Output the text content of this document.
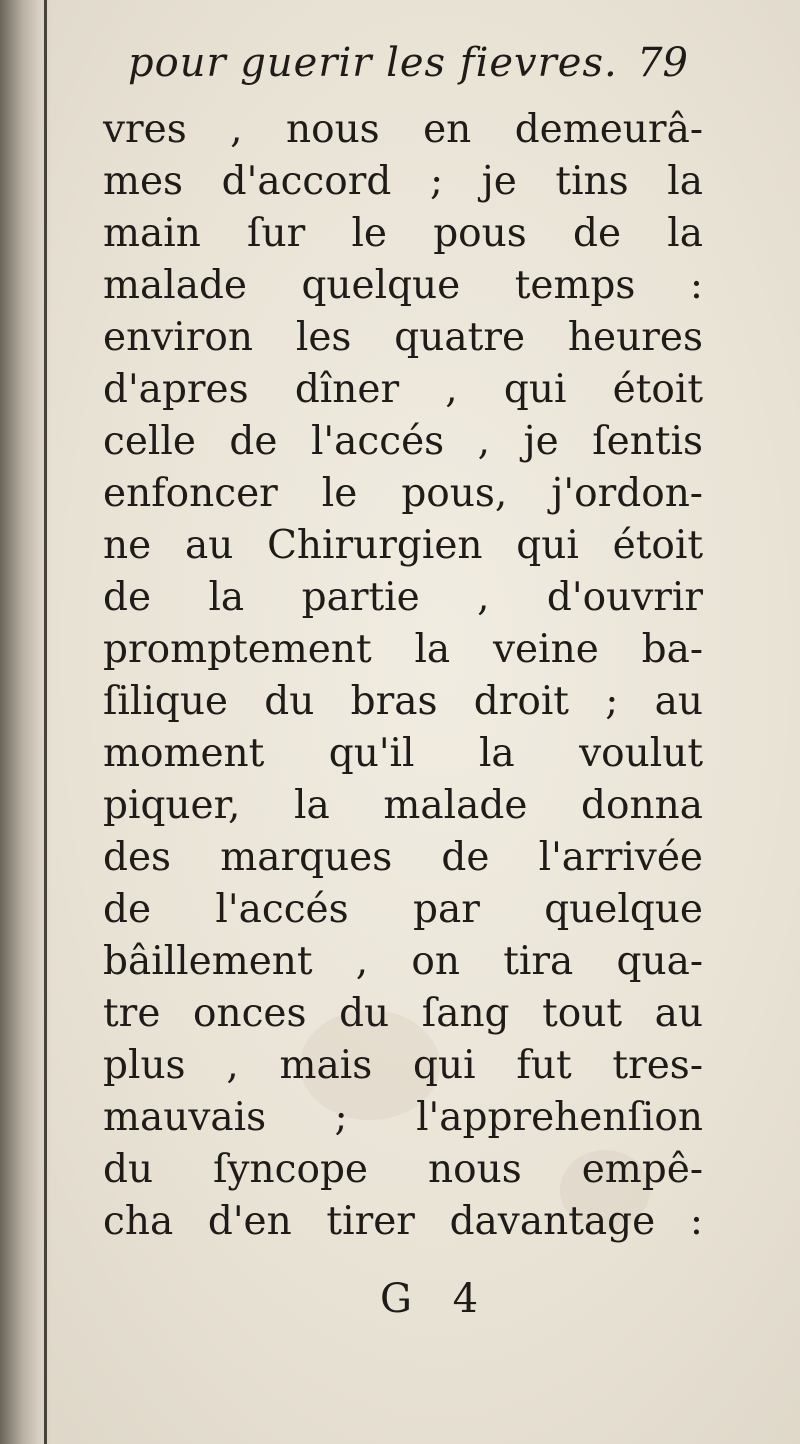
pour guerir les fievres. 79
vres , nous en demeurâ-
mes d'accord ; je tins la
main ſur le pous de la
malade quelque temps :
environ les quatre heures
d'apres dîner , qui étoit
celle de l'accés , je ſentis
enfoncer le pous, j'ordon-
ne au Chirurgien qui étoit
de la partie , d'ouvrir
promptement la veine ba-
ſilique du bras droit ; au
moment qu'il la voulut
piquer, la malade donna
des marques de l'arrivée
de l'accés par quelque
bâillement , on tira qua-
tre onces du ſang tout au
plus , mais qui fut tres-
mauvais ; l'apprehenſion
du ſyncope nous empê-
cha d'en tirer davantage :
G 4
